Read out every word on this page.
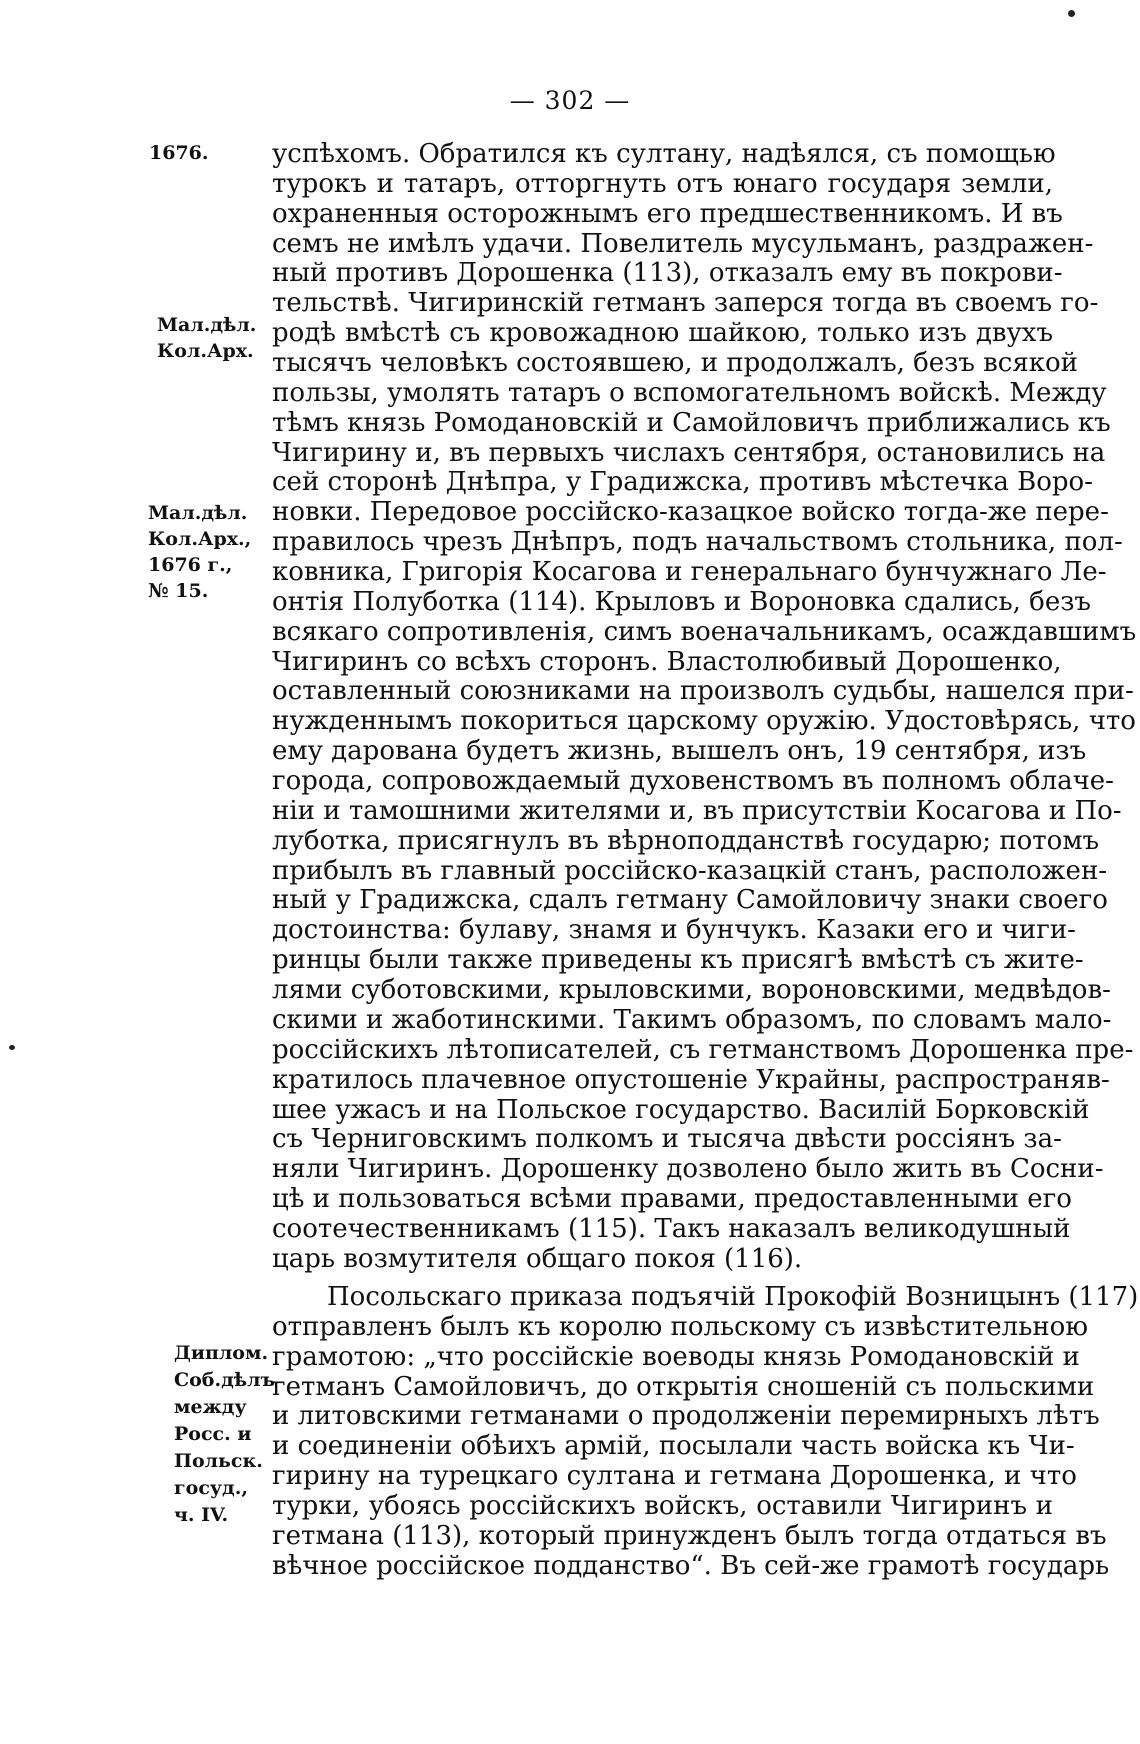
— 302 —
1676.
Мал.дѣл.
Кол.Арх.
Мал.дѣл.
Кол.Арх.,
1676 г.,
№ 15.
Диплом.
Соб.дѣлъ
между
Росс. и
Польск.
госуд.,
ч. IV.
успѣхомъ. Обратился къ султану, надѣялся, съ помощью
турокъ и татаръ, отторгнуть отъ юнаго государя земли,
охраненныя осторожнымъ его предшественникомъ. И въ
семъ не имѣлъ удачи. Повелитель мусульманъ, раздражен-
ный противъ Дорошенка (113), отказалъ ему въ покрови-
тельствѣ. Чигиринскій гетманъ заперся тогда въ своемъ го-
родѣ вмѣстѣ съ кровожадною шайкою, только изъ двухъ
тысячъ человѣкъ состоявшею, и продолжалъ, безъ всякой
пользы, умолять татаръ о вспомогательномъ войскѣ. Между
тѣмъ князь Ромодановскій и Самойловичъ приближались къ
Чигирину и, въ первыхъ числахъ сентября, остановились на
сей сторонѣ Днѣпра, у Градижска, противъ мѣстечка Воро-
новки. Передовое россійско-казацкое войско тогда-же пере-
правилось чрезъ Днѣпръ, подъ начальствомъ стольника, пол-
ковника, Григорія Косагова и генеральнаго бунчужнаго Ле-
онтія Полуботка (114). Крыловъ и Вороновка сдались, безъ
всякаго сопротивленія, симъ военачальникамъ, осаждавшимъ
Чигиринъ со всѣхъ сторонъ. Властолюбивый Дорошенко,
оставленный союзниками на произволъ судьбы, нашелся при-
нужденнымъ покориться царскому оружію. Удостовѣрясь, что
ему дарована будетъ жизнь, вышелъ онъ, 19 сентября, изъ
города, сопровождаемый духовенствомъ въ полномъ облаче-
ніи и тамошними жителями и, въ присутствіи Косагова и По-
луботка, присягнулъ въ вѣрноподданствѣ государю; потомъ
прибылъ въ главный россійско-казацкій станъ, расположен-
ный у Градижска, сдалъ гетману Самойловичу знаки своего
достоинства: булаву, знамя и бунчукъ. Казаки его и чиги-
ринцы были также приведены къ присягѣ вмѣстѣ съ жите-
лями суботовскими, крыловскими, вороновскими, медвѣдов-
скими и жаботинскими. Такимъ образомъ, по словамъ мало-
россійскихъ лѣтописателей, съ гетманствомъ Дорошенка пре-
кратилось плачевное опустошеніе Украйны, распространяв-
шее ужасъ и на Польское государство. Василій Борковскій
съ Черниговскимъ полкомъ и тысяча двѣсти россіянъ за-
няли Чигиринъ. Дорошенку дозволено было жить въ Сосни-
цѣ и пользоваться всѣми правами, предоставленными его
соотечественникамъ (115). Такъ наказалъ великодушный
царь возмутителя общаго покоя (116).
Посольскаго приказа подъячій Прокофій Возницынъ (117)
отправленъ былъ къ королю польскому съ извѣстительною
грамотою: „что россійскіе воеводы князь Ромодановскій и
гетманъ Самойловичъ, до открытія сношеній съ польскими
и литовскими гетманами о продолженіи перемирныхъ лѣтъ
и соединеніи обѣихъ армій, посылали часть войска къ Чи-
гирину на турецкаго султана и гетмана Дорошенка, и что
турки, убоясь россійскихъ войскъ, оставили Чигиринъ и
гетмана (113), который принужденъ былъ тогда отдаться въ
вѣчное россійское подданство“. Въ сей-же грамотѣ государь
